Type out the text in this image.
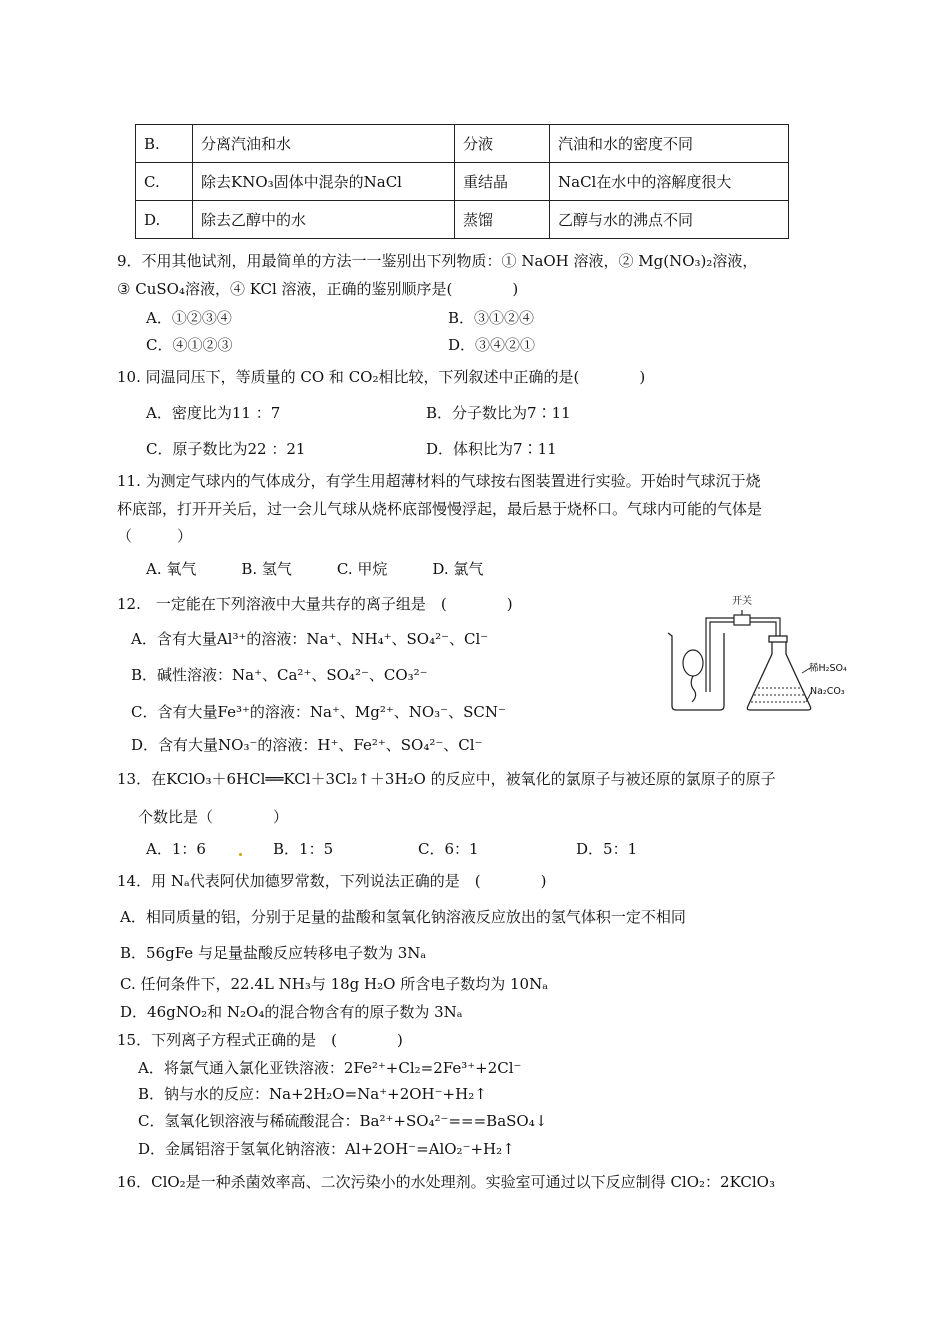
B.	分离汽油和水	分液	汽油和水的密度不同
C.	除去KNO₃固体中混杂的NaCl	重结晶	NaCl在水中的溶解度很大
D.	除去乙醇中的水	蒸馏	乙醇与水的沸点不同
9．不用其他试剂，用最简单的方法一一鉴别出下列物质：① NaOH 溶液，② Mg(NO₃)₂溶液，
③ CuSO₄溶液，④ KCl 溶液，正确的鉴别顺序是(　　　　)
A．①②③④	B．③①②④
C．④①②③	D．③④②①
10. 同温同压下，等质量的 CO 和 CO₂相比较，下列叙述中正确的是(　　　　)
A．密度比为11 ：7	B．分子数比为7∶11
C．原子数比为22 ：21	D．体积比为7∶11
11. 为测定气球内的气体成分，有学生用超薄材料的气球按右图装置进行实验。开始时气球沉于烧
杯底部，打开开关后，过一会儿气球从烧杯底部慢慢浮起，最后悬于烧杯口。气球内可能的气体是
（　　　）
A. 氧气　　　B. 氢气　　　C. 甲烷　　　D. 氯气
12.　一定能在下列溶液中大量共存的离子组是　(　　　　)
A．含有大量Al³⁺的溶液：Na⁺、NH₄⁺、SO₄²⁻、Cl⁻
B．碱性溶液：Na⁺、Ca²⁺、SO₄²⁻、CO₃²⁻
C．含有大量Fe³⁺的溶液：Na⁺、Mg²⁺、NO₃⁻、SCN⁻
D．含有大量NO₃⁻的溶液：H⁺、Fe²⁺、SO₄²⁻、Cl⁻
开关
稀H₂SO₄
Na₂CO₃
13．在KClO₃＋6HCl══KCl＋3Cl₂↑＋3H₂O 的反应中，被氧化的氯原子与被还原的氯原子的原子
个数比是（　　　　）
A．1：6	B．1：5	C．6：1	D．5：1
14．用 Nₐ代表阿伏加德罗常数，下列说法正确的是　(　　　　)
A．相同质量的铝，分别于足量的盐酸和氢氧化钠溶液反应放出的氢气体积一定不相同
B．56gFe 与足量盐酸反应转移电子数为 3Nₐ
C. 任何条件下，22.4L NH₃与 18g H₂O 所含电子数均为 10Nₐ
D．46gNO₂和 N₂O₄的混合物含有的原子数为 3Nₐ
15．下列离子方程式正确的是　(　　　　)
A．将氯气通入氯化亚铁溶液：2Fe²⁺+Cl₂=2Fe³⁺+2Cl⁻
B．钠与水的反应：Na+2H₂O=Na⁺+2OH⁻+H₂↑
C．氢氧化钡溶液与稀硫酸混合：Ba²⁺+SO₄²⁻===BaSO₄↓
D．金属铝溶于氢氧化钠溶液：Al+2OH⁻=AlO₂⁻+H₂↑
16．ClO₂是一种杀菌效率高、二次污染小的水处理剂。实验室可通过以下反应制得 ClO₂：2KClO₃
